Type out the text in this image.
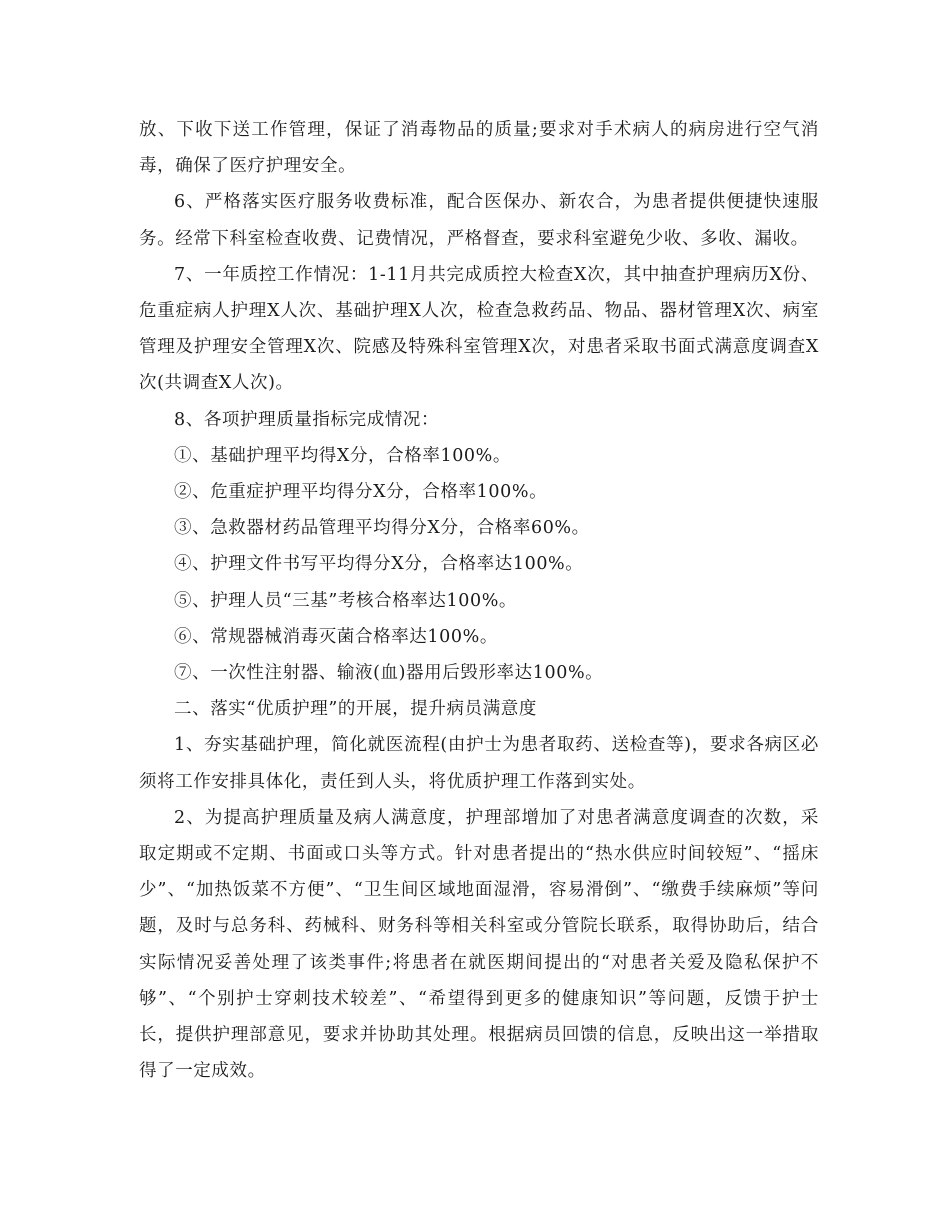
放、下收下送工作管理，保证了消毒物品的质量;要求对手术病人的病房进行空气消毒，确保了医疗护理安全。

6、严格落实医疗服务收费标准，配合医保办、新农合，为患者提供便捷快速服务。经常下科室检查收费、记费情况，严格督查，要求科室避免少收、多收、漏收。

7、一年质控工作情况：1-11月共完成质控大检查X次，其中抽查护理病历X份、危重症病人护理X人次、基础护理X人次，检查急救药品、物品、器材管理X次、病室管理及护理安全管理X次、院感及特殊科室管理X次，对患者采取书面式满意度调查X次(共调查X人次)。

8、各项护理质量指标完成情况：

①、基础护理平均得X分，合格率100%。

②、危重症护理平均得分X分，合格率100%。

③、急救器材药品管理平均得分X分，合格率60%。

④、护理文件书写平均得分X分，合格率达100%。

⑤、护理人员“三基”考核合格率达100%。

⑥、常规器械消毒灭菌合格率达100%。

⑦、一次性注射器、输液(血)器用后毁形率达100%。

二、落实“优质护理”的开展，提升病员满意度

1、夯实基础护理，简化就医流程(由护士为患者取药、送检查等)，要求各病区必须将工作安排具体化，责任到人头，将优质护理工作落到实处。

2、为提高护理质量及病人满意度，护理部增加了对患者满意度调查的次数，采取定期或不定期、书面或口头等方式。针对患者提出的“热水供应时间较短”、“摇床少”、“加热饭菜不方便”、“卫生间区域地面湿滑，容易滑倒”、“缴费手续麻烦”等问题，及时与总务科、药械科、财务科等相关科室或分管院长联系，取得协助后，结合实际情况妥善处理了该类事件;将患者在就医期间提出的“对患者关爱及隐私保护不够”、“个别护士穿刺技术较差”、“希望得到更多的健康知识”等问题，反馈于护士长，提供护理部意见，要求并协助其处理。根据病员回馈的信息，反映出这一举措取得了一定成效。
